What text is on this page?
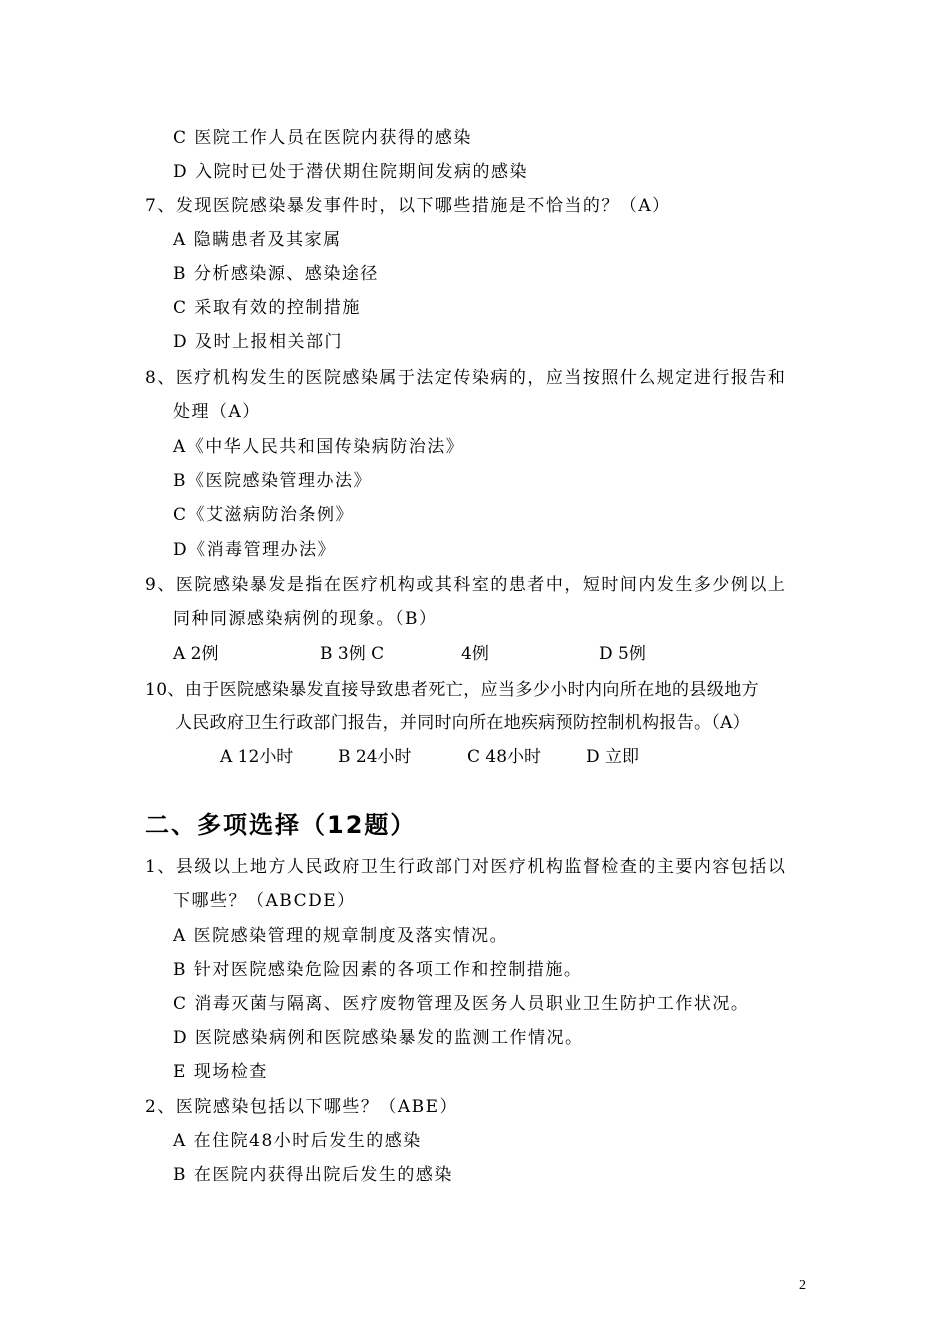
C 医院工作人员在医院内获得的感染
D 入院时已处于潜伏期住院期间发病的感染
7、发现医院感染暴发事件时，以下哪些措施是不恰当的？（A）
A 隐瞒患者及其家属
B 分析感染源、感染途径
C 采取有效的控制措施
D 及时上报相关部门
8、医疗机构发生的医院感染属于法定传染病的，应当按照什么规定进行报告和
处理（A）
A《中华人民共和国传染病防治法》
B《医院感染管理办法》
C《艾滋病防治条例》
D《消毒管理办法》
9、医院感染暴发是指在医疗机构或其科室的患者中，短时间内发生多少例以上
同种同源感染病例的现象。（B）
A 2例	B 3例 C	4例	D 5例
10、由于医院感染暴发直接导致患者死亡，应当多少小时内向所在地的县级地方
人民政府卫生行政部门报告，并同时向所在地疾病预防控制机构报告。（A）
A 12小时	B 24小时	C 48小时	D 立即
二、多项选择（12题）
1、县级以上地方人民政府卫生行政部门对医疗机构监督检查的主要内容包括以
下哪些？（ABCDE）
A 医院感染管理的规章制度及落实情况。
B 针对医院感染危险因素的各项工作和控制措施。
C 消毒灭菌与隔离、医疗废物管理及医务人员职业卫生防护工作状况。
D 医院感染病例和医院感染暴发的监测工作情况。
E 现场检查
2、医院感染包括以下哪些？（ABE）
A 在住院48小时后发生的感染
B 在医院内获得出院后发生的感染
2
